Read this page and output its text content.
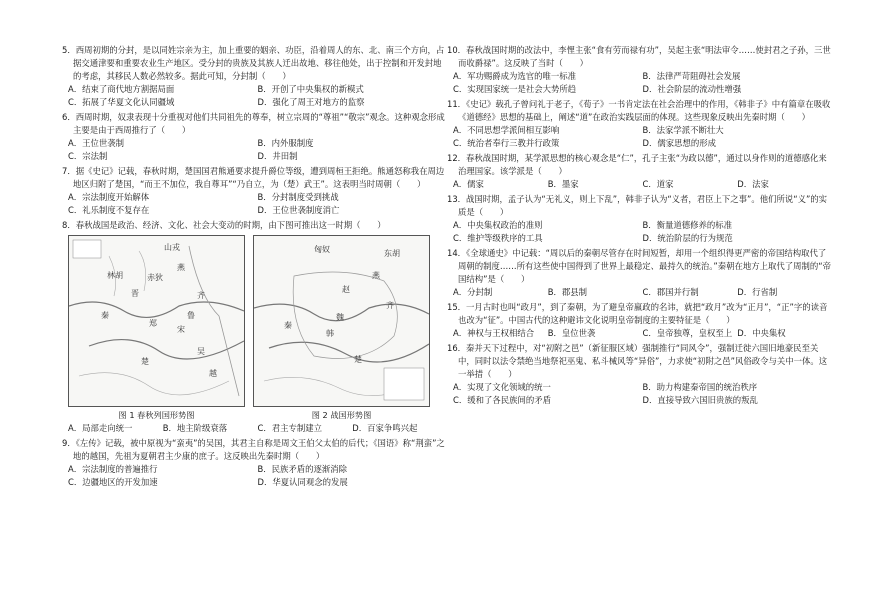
5．西周初期的分封，是以同姓宗亲为主，加上重要的姻亲、功臣，沿着周人的东、北、南三个方向，占据交通津要和重要农业生产地区。受分封的贵族及其族人迁出故地、移往他处，出于控制和开发封地的考虑，其移民人数必然较多。据此可知，分封制（　　）
A．结束了商代地方割据局面	B．开创了中央集权的新模式
C．拓展了华夏文化认同疆域	D．强化了周王对地方的监察
6．西周时期，奴隶表现十分重视对他们共同祖先的尊奉，树立宗周的“尊祖”“敬宗”观念。这种观念形成主要是由于西周推行了（　　）
A．王位世袭制	B．内外服制度
C．宗法制	D．井田制
7．据《史记》记载，春秋时期，楚国国君熊通要求提升爵位等级，遭到周桓王拒绝。熊通怒称我在周边地区归附了楚国，“而王不加位，我自尊耳”“乃自立，为（楚）武王”。这表明当时周朝（　　）
A．宗法制度开始解体	B．分封制度受到挑战
C．礼乐制度不复存在	D．王位世袭制度消亡
8．春秋战国是政治、经济、文化、社会大变动的时期，由下图可推出这一时期（　　）
山戎
燕
林胡
晋	齐
鲁
宋
秦
郑
楚
吴
越
赤狄
匈奴	东胡
燕
赵
魏
齐
秦
韩
楚
图 1 春秋列国形势图	图 2 战国形势图
A．局部走向统一	B．地主阶级衰落	C．君主专制建立	D．百家争鸣兴起
9．《左传》记载，被中原视为“蛮夷”的吴国，其君主自称是周文王伯父太伯的后代；《国语》称“荆蛮”之地的越国，先祖为夏朝君主少康的庶子。这反映出先秦时期（　　）
A．宗法制度的普遍推行	B．民族矛盾的逐渐消除
C．边疆地区的开发加速	D．华夏认同观念的发展
10．春秋战国时期的改法中，李悝主张“食有劳而禄有功”，吴起主张“明法审令……使封君之子孙，三世而收爵禄”。这反映了当时（　　）
A．军功赐爵成为选官的唯一标准	B．法律严苛阻碍社会发展
C．实现国家统一是社会大势所趋	D．社会阶层的流动性增强
11．《史记》载孔子曾问礼于老子，《荀子》一书肯定法在社会治理中的作用，《韩非子》中有篇章在吸收《道德经》思想的基础上，阐述“道”在政治实践层面的体现。这些现象反映出先秦时期（　　）
A．不同思想学派间相互影响	B．法家学派不断壮大
C．统治者奉行三教并行政策	D．儒家思想的形成
12．春秋战国时期，某学派思想的核心观念是“仁”，孔子主张“为政以德”，通过以身作则的道德感化来治理国家。该学派是（　　）
A．儒家	B．墨家	C．道家	D．法家
13．战国时期，孟子认为“无礼义，则上下乱”，韩非子认为“义者，君臣上下之事”。他们所说“义”的实质是（　　）
A．中央集权政治的准则	B．衡量道德修养的标准
C．维护等级秩序的工具	D．统治阶层的行为规范
14．《全球通史》中记载：“周以后的秦朝尽管存在时间短暂，却用一个组织得更严密的帝国结构取代了周朝的制度……所有这些使中国得到了世界上最稳定、最持久的统治。”秦朝在地方上取代了周制的“帝国结构”是（　　）
A．分封制	B．郡县制	C．郡国并行制	D．行省制
15．一月古时也叫“政月”，到了秦朝，为了避皇帝嬴政的名讳，就把“政月”改为“正月”，“正”字的读音也改为“征”。中国古代的这种避讳文化说明皇帝制度的主要特征是（　　）
A．神权与王权相结合	B．皇位世袭	C．皇帝独尊，皇权至上 D．中央集权
16．秦并天下过程中，对“初附之邑”（新征服区域）强制推行“同风令”，强制迁徙六国旧地豪民至关中，同时以法令禁绝当地祭祀巫鬼、私斗械风等“异俗”，力求使“初附之邑”风俗政令与关中一体。这一举措（　　）
A．实现了文化领域的统一	B．助力构建秦帝国的统治秩序
C．缓和了各民族间的矛盾	D．直接导致六国旧贵族的叛乱
